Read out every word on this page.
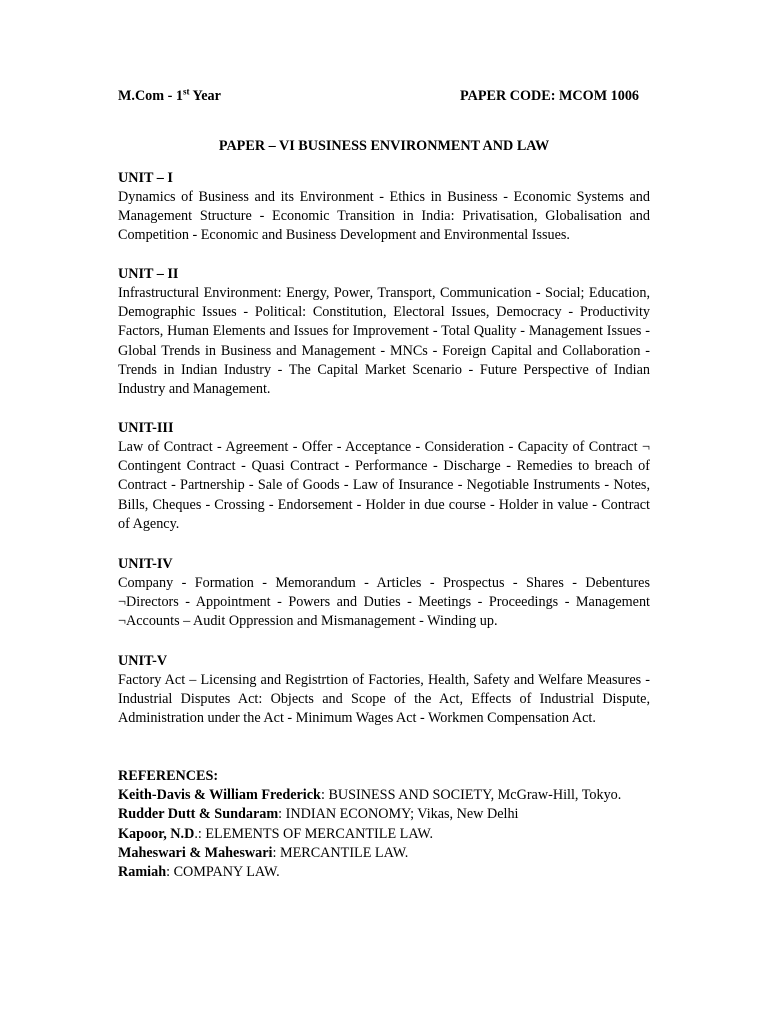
M.Com - 1st Year	PAPER CODE: MCOM 1006
PAPER – VI BUSINESS ENVIRONMENT AND LAW
UNIT – I
Dynamics of Business and its Environment - Ethics in Business - Economic Systems and Management Structure - Economic Transition in India: Privatisation, Globalisation and Competition - Economic and Business Development and Environmental Issues.
UNIT – II
Infrastructural Environment: Energy, Power, Transport, Communication - Social; Education, Demographic Issues - Political: Constitution, Electoral Issues, Democracy - Productivity Factors, Human Elements and Issues for Improvement - Total Quality - Management Issues - Global Trends in Business and Management - MNCs - Foreign Capital and Collaboration - Trends in Indian Industry - The Capital Market Scenario - Future Perspective of Indian Industry and Management.
UNIT-III
Law of Contract - Agreement - Offer - Acceptance - Consideration - Capacity of Contract ¬ Contingent Contract - Quasi Contract - Performance - Discharge - Remedies to breach of Contract - Partnership - Sale of Goods - Law of Insurance - Negotiable Instruments - Notes, Bills, Cheques - Crossing - Endorsement - Holder in due course - Holder in value - Contract of Agency.
UNIT-IV
Company - Formation - Memorandum - Articles - Prospectus - Shares - Debentures ¬Directors - Appointment - Powers and Duties - Meetings - Proceedings - Management ¬Accounts – Audit Oppression and Mismanagement - Winding up.
UNIT-V
Factory Act – Licensing and Registrtion of Factories, Health, Safety and Welfare Measures - Industrial Disputes Act: Objects and Scope of the Act, Effects of Industrial Dispute, Administration under the Act - Minimum Wages Act - Workmen Compensation Act.
REFERENCES:
Keith-Davis & William Frederick: BUSINESS AND SOCIETY, McGraw-Hill, Tokyo.
Rudder Dutt & Sundaram: INDIAN ECONOMY; Vikas, New Delhi
Kapoor, N.D.: ELEMENTS OF MERCANTILE LAW.
Maheswari & Maheswari: MERCANTILE LAW.
Ramiah: COMPANY LAW.
